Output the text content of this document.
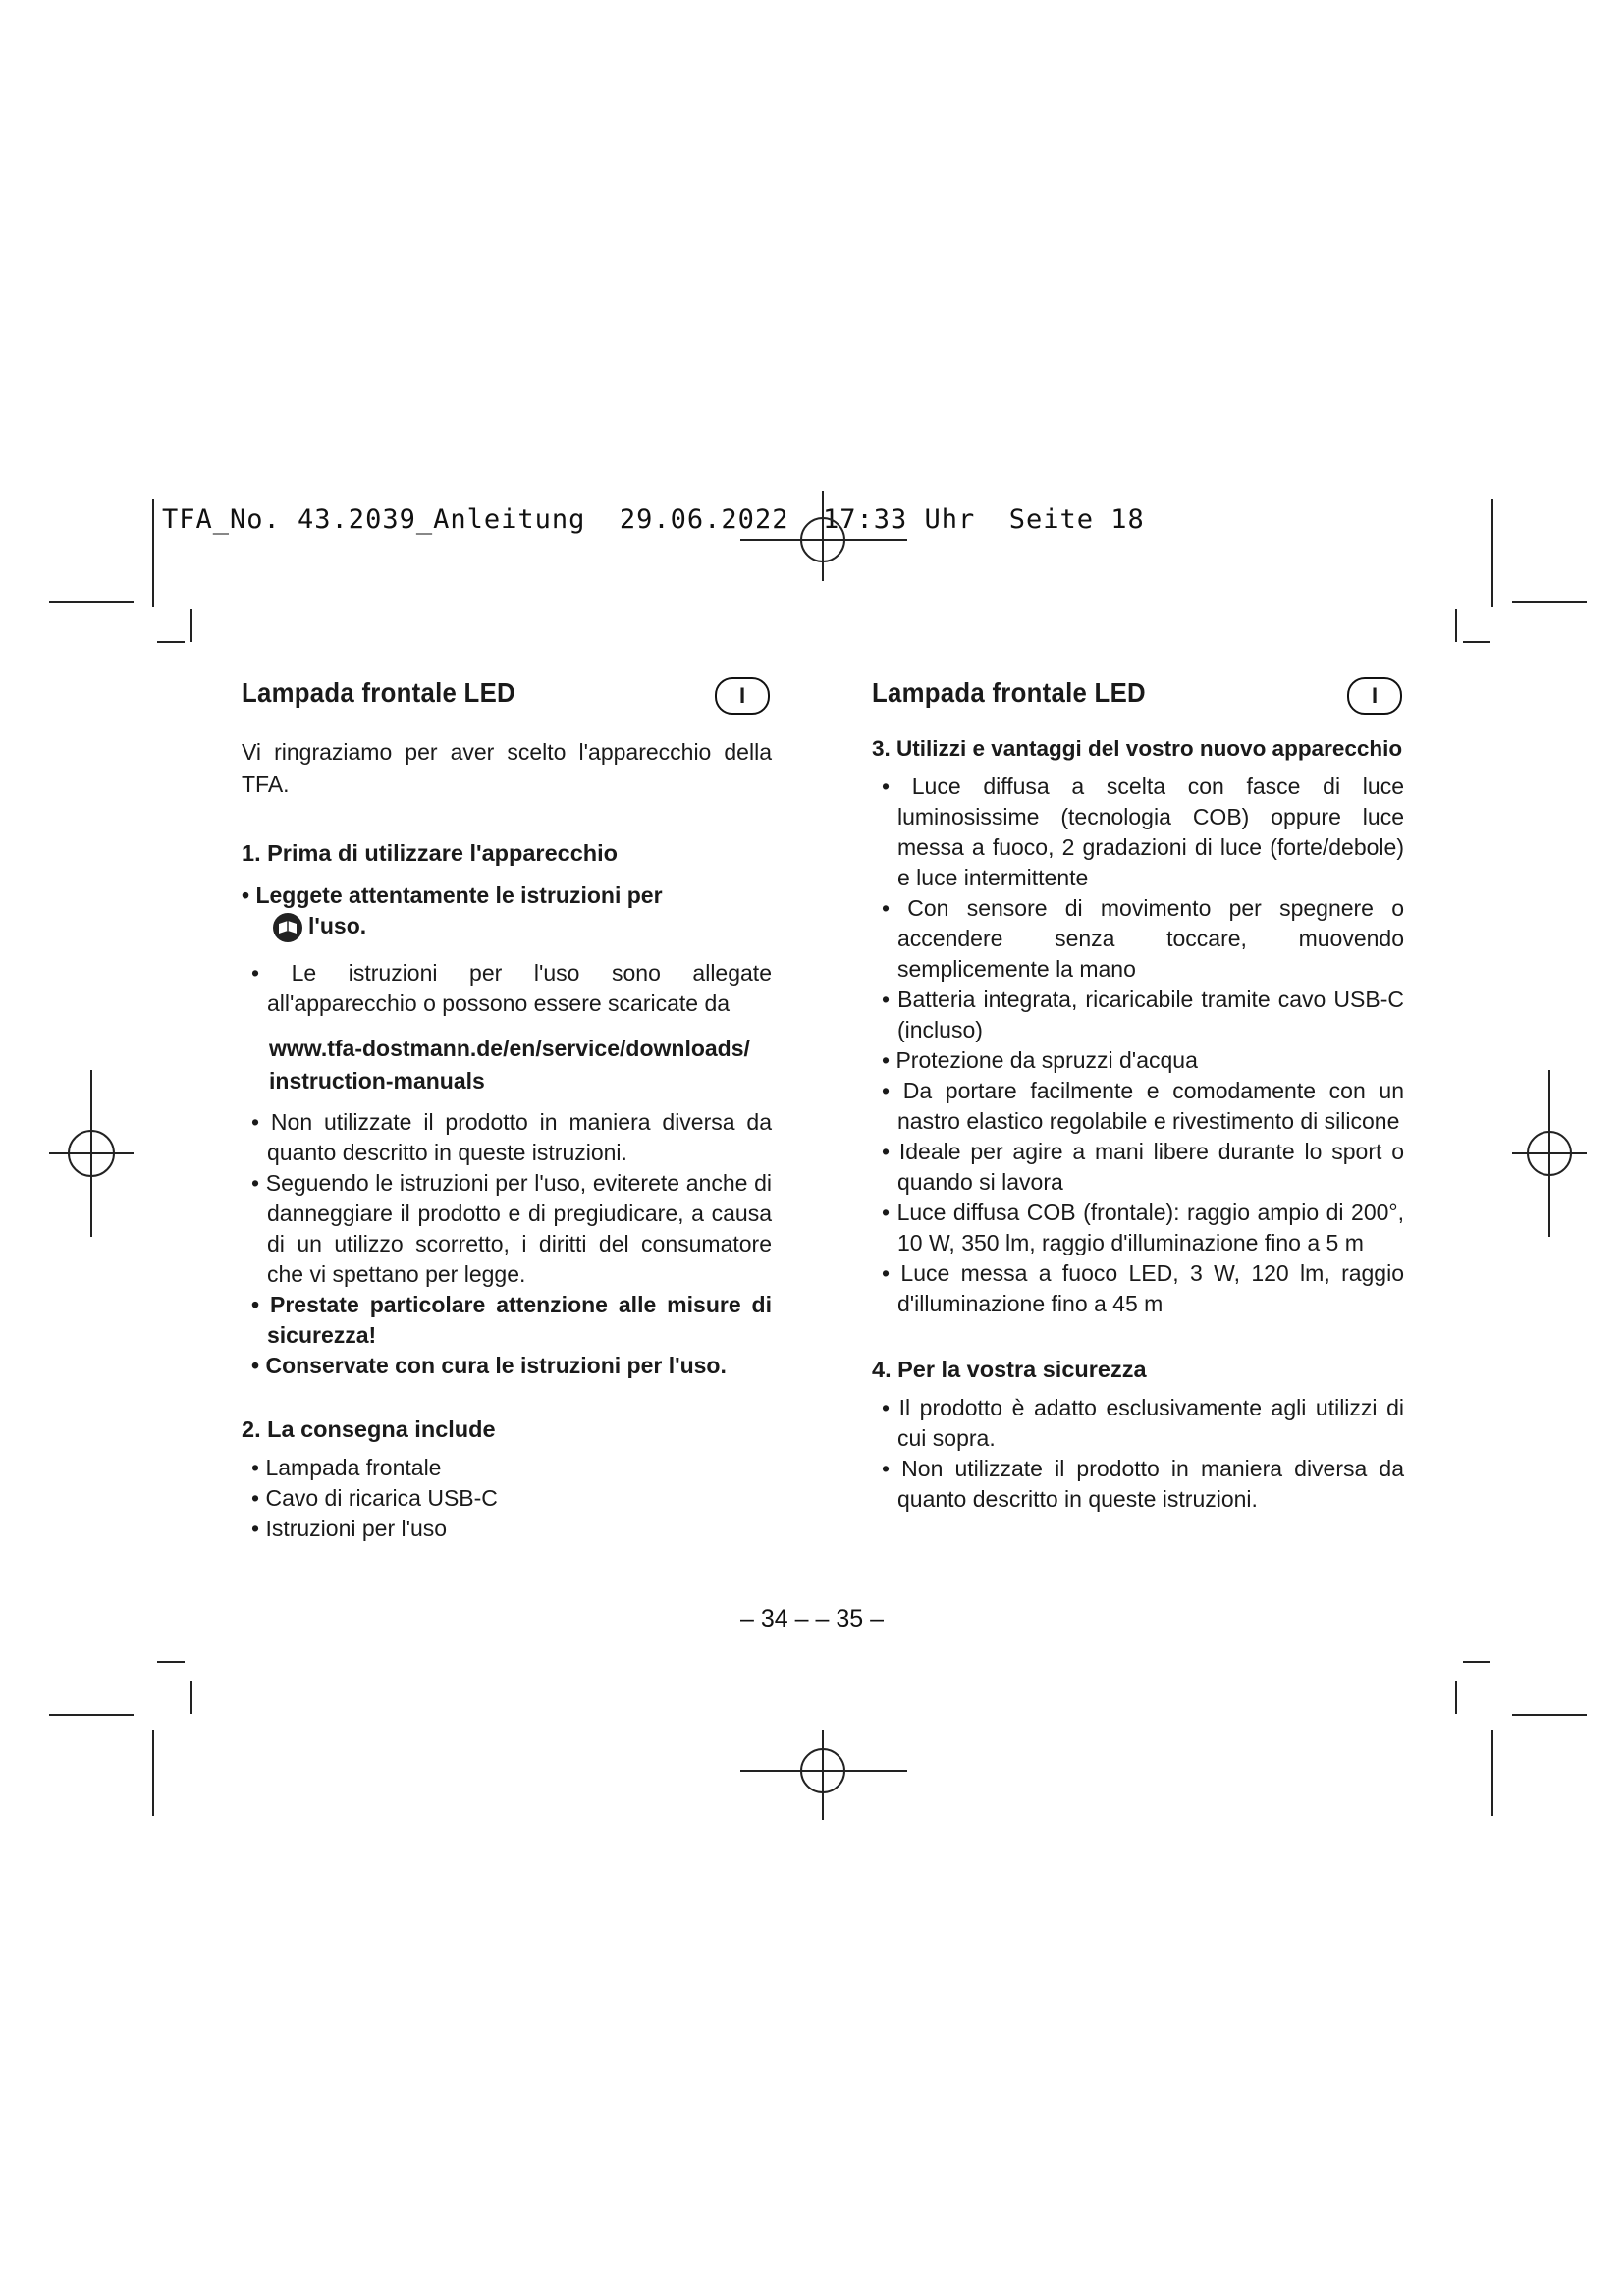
TFA_No. 43.2039_Anleitung  29.06.2022  17:33 Uhr  Seite 18
Lampada frontale LED	I

Vi ringraziamo per aver scelto l'apparecchio della TFA.

1. Prima di utilizzare l'apparecchio

• Leggete attentamente le istruzioni per
l'uso.
• Le istruzioni per l'uso sono allegate all'apparecchio o possono essere scaricate da
www.tfa-dostmann.de/en/service/downloads/ instruction-manuals
• Non utilizzate il prodotto in maniera diversa da quanto descritto in queste istruzioni.
• Seguendo le istruzioni per l'uso, eviterete anche di danneggiare il prodotto e di pregiudicare, a causa di un utilizzo scorretto, i diritti del consumatore che vi spettano per legge.
• Prestate particolare attenzione alle misure di sicurezza!
• Conservate con cura le istruzioni per l'uso.

2. La consegna include

• Lampada frontale
• Cavo di ricarica USB-C
• Istruzioni per l'uso
Lampada frontale LED	I

3. Utilizzi e vantaggi del vostro nuovo apparecchio

• Luce diffusa a scelta con fasce di luce luminosissime (tecnologia COB) oppure luce messa a fuoco, 2 gradazioni di luce (forte/debole) e luce intermittente
• Con sensore di movimento per spegnere o accendere senza toccare, muovendo semplicemente la mano
• Batteria integrata, ricaricabile tramite cavo USB-C (incluso)
• Protezione da spruzzi d'acqua
• Da portare facilmente e comodamente con un nastro elastico regolabile e rivestimento di silicone
• Ideale per agire a mani libere durante lo sport o quando si lavora
• Luce diffusa COB (frontale): raggio ampio di 200°, 10 W, 350 lm, raggio d'illuminazione fino a 5 m
• Luce messa a fuoco LED, 3 W, 120 lm, raggio d'illuminazione fino a 45 m

4. Per la vostra sicurezza

• Il prodotto è adatto esclusivamente agli utilizzi di cui sopra.
• Non utilizzate il prodotto in maniera diversa da quanto descritto in queste istruzioni.
– 34 – – 35 –
